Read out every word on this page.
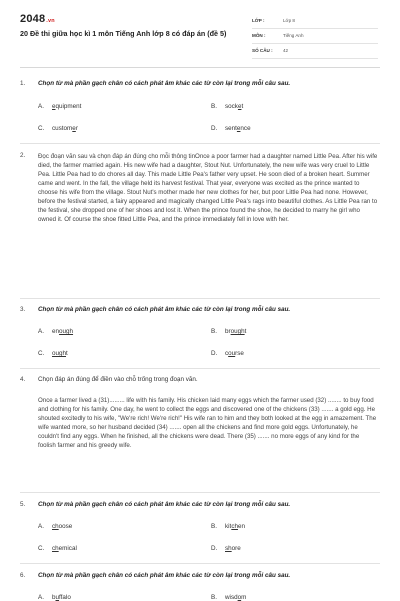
2048.vn
20 Đề thi giữa học kì 1 môn Tiếng Anh lớp 8 có đáp án (đề 5)
LỚP :	Lớp 8
MÔN :	Tiếng Anh
SỐ CÂU : 42
1. Chọn từ mà phần gạch chân có cách phát âm khác các từ còn lại trong mỗi câu sau.
A. equipment	B. socket
C. customer	D. sentence
2. Đọc đoạn văn sau và chọn đáp án đúng cho mỗi thông tinOnce a poor farmer had a daughter named Little Pea. After his wife died, the farmer married again. His new wife had a daughter, Stout Nut. Unfortunately, the new wife was very cruel to Little Pea. Little Pea had to do chores all day. This made Little Pea's father very upset. He soon died of a broken heart. Summer came and went. In the fall, the village held its harvest festival. That year, everyone was excited as the prince wanted to choose his wife from the village. Stout Nut's mother made her new clothes for her, but poor Little Pea had none. However, before the festival started, a fairy appeared and magically changed Little Pea's rags into beautiful clothes. As Little Pea ran to the festival, she dropped one of her shoes and lost it. When the prince found the shoe, he decided to marry he girl who owned it. Of course the shoe fitted Little Pea, and the prince immediately fell in love with her.
3. Chọn từ mà phần gạch chân có cách phát âm khác các từ còn lại trong mỗi câu sau.
A. enough	B. brought
C. ought	D. course
4. Chọn đáp án đúng để điền vào chỗ trống trong đoạn văn.
Once a farmer lived a (31)......... life with his family. His chicken laid many eggs which the farmer used (32) ........ to buy food and clothing for his family. One day, he went to collect the eggs and discovered one of the chickens (33) ....... a gold egg. He shouted excitedly to his wife, "We're rich! We're rich!" His wife ran to him and they both looked at the egg in amazement. The wife wanted more, so her husband decided (34) ....... open all the chickens and find more gold eggs. Unfortunately, he couldn't find any eggs. When he finished, all the chickens were dead. There (35) ....... no more eggs of any kind for the foolish farmer and his greedy wife.
5. Chọn từ mà phần gạch chân có cách phát âm khác các từ còn lại trong mỗi câu sau.
A. choose	B. kitchen
C. chemical	D. shore
6. Chọn từ mà phần gạch chân có cách phát âm khác các từ còn lại trong mỗi câu sau.
A. buffalo	B. wisdom
